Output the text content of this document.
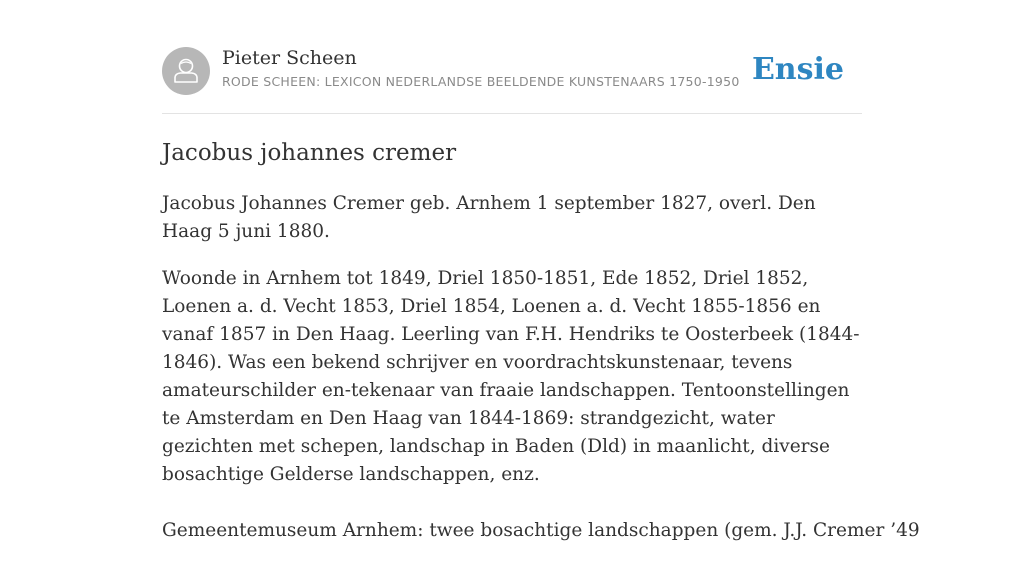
Pieter Scheen
RODE SCHEEN: LEXICON NEDERLANDSE BEELDENDE KUNSTENAARS 1750-1950 Ensie
Jacobus johannes cremer

Jacobus Johannes Cremer geb. Arnhem 1 september 1827, overl. Den Haag 5 juni 1880.

Woonde in Arnhem tot 1849, Driel 1850-1851, Ede 1852, Driel 1852, Loenen a. d. Vecht 1853, Driel 1854, Loenen a. d. Vecht 1855-1856 en vanaf 1857 in Den Haag. Leerling van F.H. Hendriks te Oosterbeek (1844-1846). Was een bekend schrijver en voordrachtskunstenaar, tevens amateurschilder en-tekenaar van fraaie landschappen. Tentoonstellingen te Amsterdam en Den Haag van 1844-1869: strandgezicht, water gezichten met schepen, landschap in Baden (Dld) in maanlicht, diverse bosachtige Gelderse landschappen, enz.

Gemeentemuseum Arnhem: twee bosachtige landschappen (gem. J.J. Cremer ’49
